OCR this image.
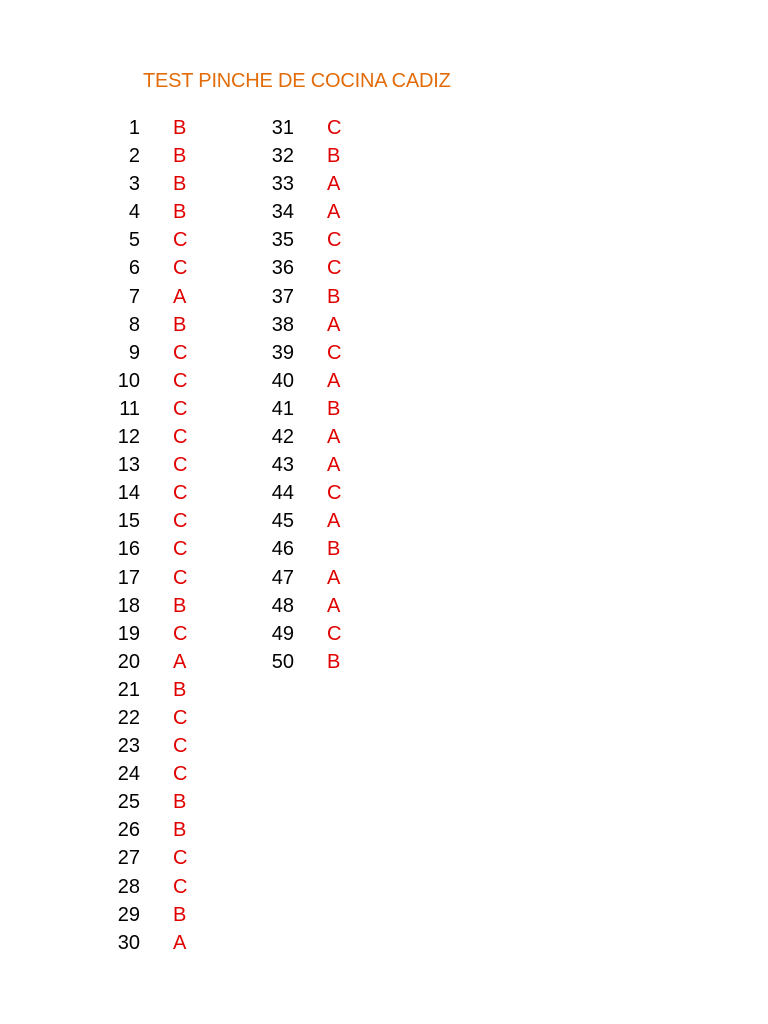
TEST PINCHE DE COCINA CADIZ
1 B
2 B
3 B
4 B
5 C
6 C
7 A
8 B
9 C
10 C
11 C
12 C
13 C
14 C
15 C
16 C
17 C
18 B
19 C
20 A
21 B
22 C
23 C
24 C
25 B
26 B
27 C
28 C
29 B
30 A
31 C
32 B
33 A
34 A
35 C
36 C
37 B
38 A
39 C
40 A
41 B
42 A
43 A
44 C
45 A
46 B
47 A
48 A
49 C
50 B
